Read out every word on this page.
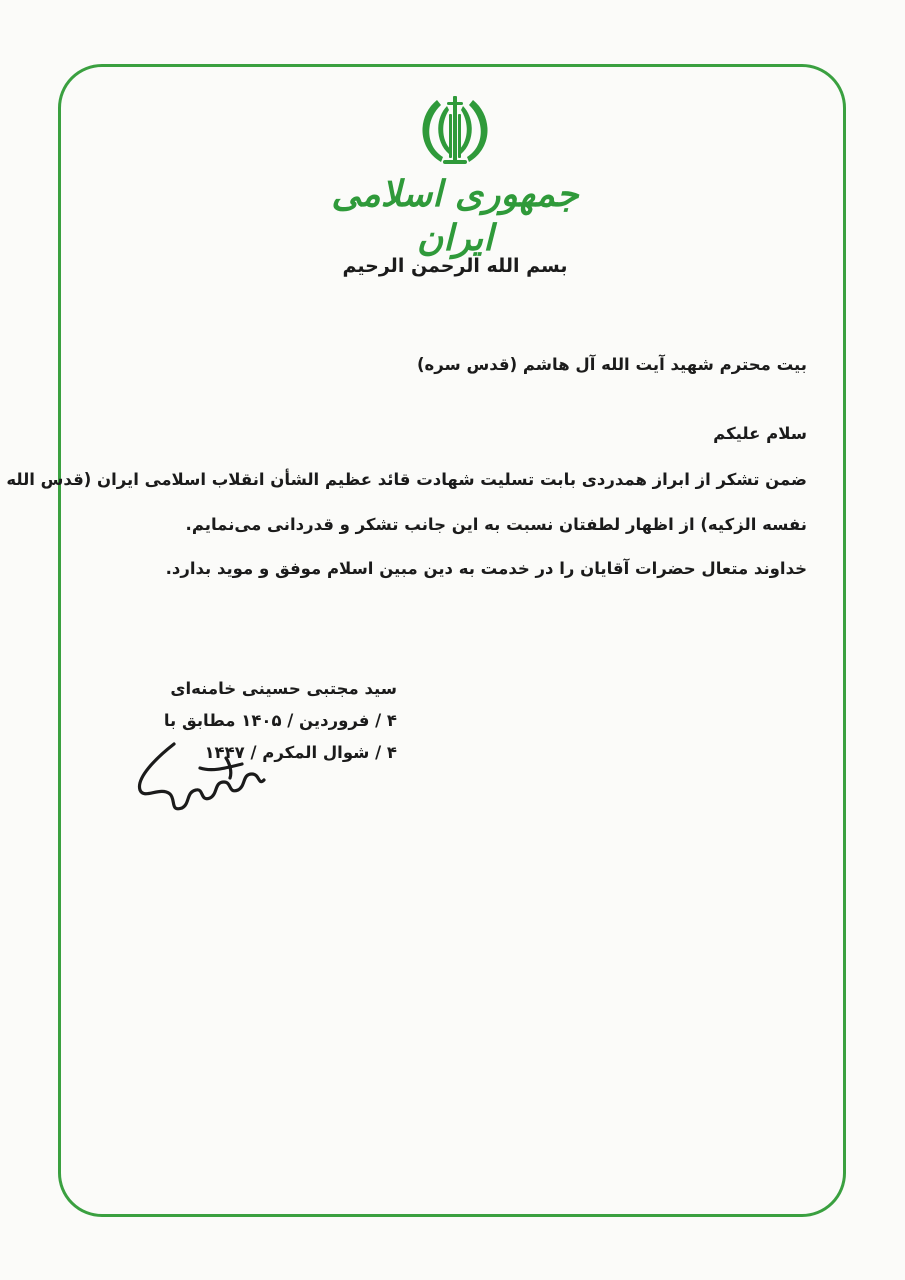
جمهوری اسلامی ایران
بسم الله الرحمن الرحیم
بیت محترم شهید آیت الله آل هاشم (قدس سره)
سلام علیکم
ضمن تشکر از ابراز همدردی بابت تسلیت شهادت قائد عظیم الشأن انقلاب اسلامی ایران (قدس الله
نفسه الزکیه) از اظهار لطفتان نسبت به این جانب تشکر و قدردانی می‌نمایم.
خداوند متعال حضرات آقایان را در خدمت به دین مبین اسلام موفق و موید بدارد.
سید مجتبی حسینی خامنه‌ای
۴ / فروردین / ۱۴۰۵ مطابق با
۴ / شوال المکرم / ۱۴۴۷
